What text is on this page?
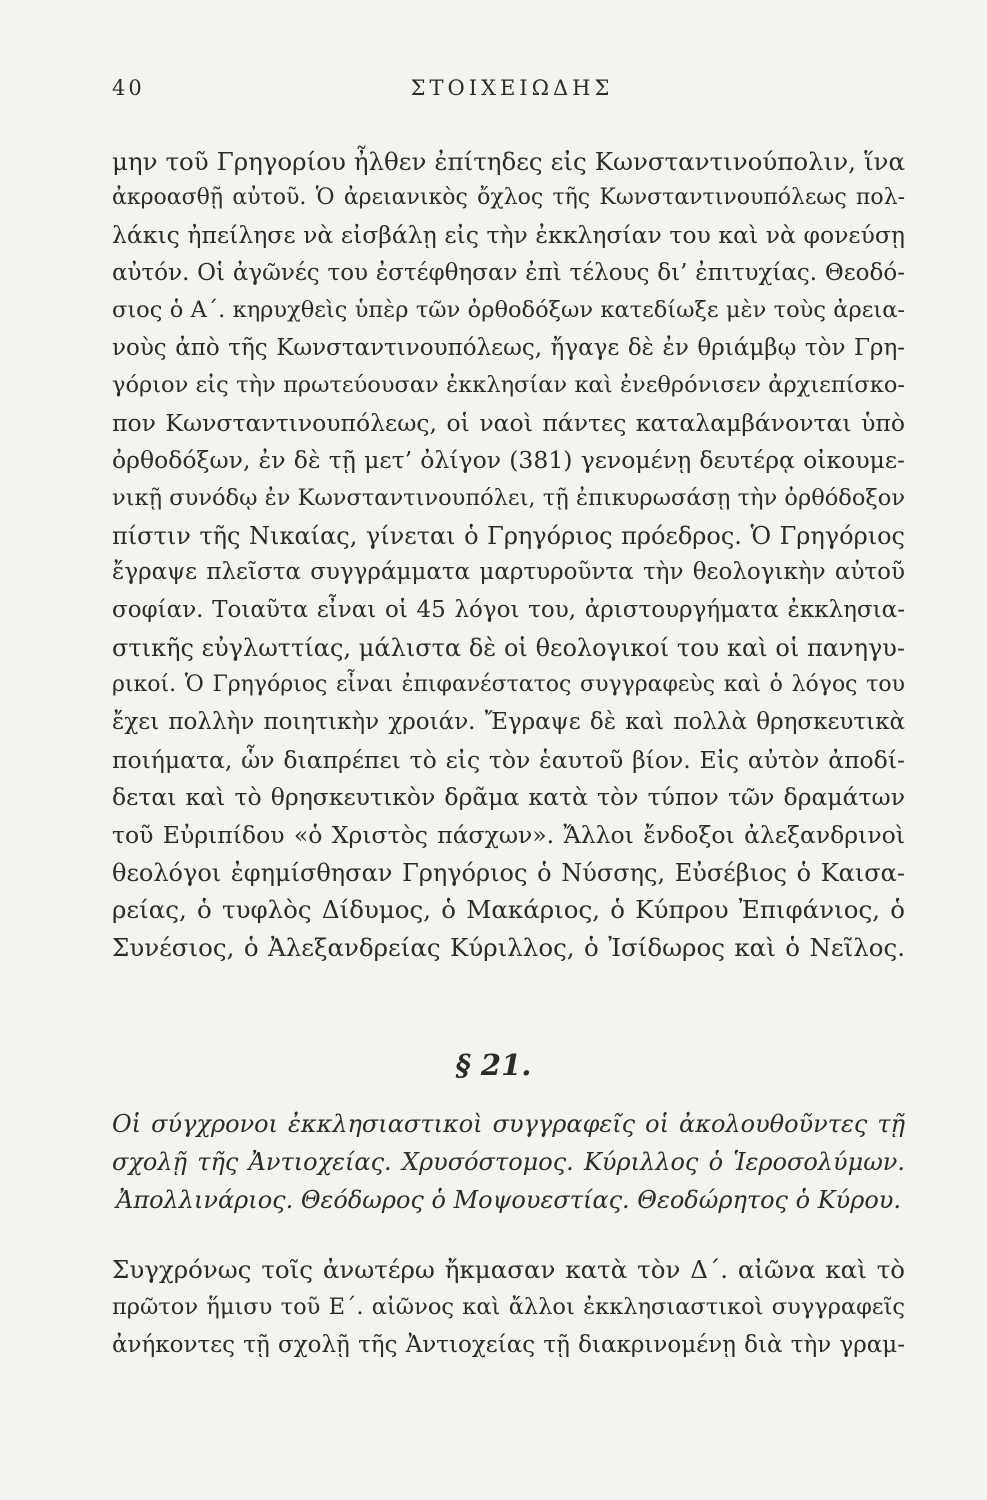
40	ΣΤΟΙΧΕΙΩΔΗΣ

μην τοῦ Γρηγορίου ἦλθεν ἐπίτηδες εἰς Κωνσταντινούπολιν, ἵνα

ἀκροασθῇ αὐτοῦ. Ὁ ἀρειανικὸς ὄχλος τῆς Κωνσταντινουπόλεως πολ-

λάκις ἠπείλησε νὰ εἰσβάλῃ εἰς τὴν ἐκκλησίαν του καὶ νὰ φονεύσῃ

αὐτόν. Οἱ ἀγῶνές του ἐστέφθησαν ἐπὶ τέλους δι’ ἐπιτυχίας. Θεοδό-

σιος ὁ Α΄. κηρυχθεὶς ὑπὲρ τῶν ὀρθοδόξων κατεδίωξε μὲν τοὺς ἀρεια-

νοὺς ἀπὸ τῆς Κωνσταντινουπόλεως, ἤγαγε δὲ ἐν θριάμβῳ τὸν Γρη-

γόριον εἰς τὴν πρωτεύουσαν ἐκκλησίαν καὶ ἐνεθρόνισεν ἀρχιεπίσκο-

πον Κωνσταντινουπόλεως, οἱ ναοὶ πάντες καταλαμβάνονται ὑπὸ

ὀρθοδόξων, ἐν δὲ τῇ μετ’ ὀλίγον (381) γενομένῃ δευτέρᾳ οἰκουμε-

νικῇ συνόδῳ ἐν Κωνσταντινουπόλει, τῇ ἐπικυρωσάσῃ τὴν ὀρθόδοξον

πίστιν τῆς Νικαίας, γίνεται ὁ Γρηγόριος πρόεδρος. Ὁ Γρηγόριος

ἔγραψε πλεῖστα συγγράμματα μαρτυροῦντα τὴν θεολογικὴν αὐτοῦ

σοφίαν. Τοιαῦτα εἶναι οἱ 45 λόγοι του, ἀριστουργήματα ἐκκλησια-

στικῆς εὐγλωττίας, μάλιστα δὲ οἱ θεολογικοί του καὶ οἱ πανηγυ-

ρικοί. Ὁ Γρηγόριος εἶναι ἐπιφανέστατος συγγραφεὺς καὶ ὁ λόγος του

ἔχει πολλὴν ποιητικὴν χροιάν. Ἔγραψε δὲ καὶ πολλὰ θρησκευτικὰ

ποιήματα, ὧν διαπρέπει τὸ εἰς τὸν ἑαυτοῦ βίον. Εἰς αὐτὸν ἀποδί-

δεται καὶ τὸ θρησκευτικὸν δρᾶμα κατὰ τὸν τύπον τῶν δραμάτων

τοῦ Εὐριπίδου «ὁ Χριστὸς πάσχων». Ἄλλοι ἔνδοξοι ἀλεξανδρινοὶ

θεολόγοι ἐφημίσθησαν Γρηγόριος ὁ Νύσσης, Εὐσέβιος ὁ Καισα-

ρείας, ὁ τυφλὸς Δίδυμος, ὁ Μακάριος, ὁ Κύπρου Ἐπιφάνιος, ὁ

Συνέσιος, ὁ Ἀλεξανδρείας Κύριλλος, ὁ Ἰσίδωρος καὶ ὁ Νεῖλος.

§ 21.

Οἱ σύγχρονοι ἐκκλησιαστικοὶ συγγραφεῖς οἱ ἀκολουθοῦντες τῇ

σχολῇ τῆς Ἀντιοχείας. Χρυσόστομος. Κύριλλος ὁ Ἱεροσολύμων.

Ἀπολλινάριος. Θεόδωρος ὁ Μοψουεστίας. Θεοδώρητος ὁ Κύρου.

Συγχρόνως τοῖς ἀνωτέρω ἤκμασαν κατὰ τὸν Δ΄. αἰῶνα καὶ τὸ

πρῶτον ἥμισυ τοῦ Ε΄. αἰῶνος καὶ ἄλλοι ἐκκλησιαστικοὶ συγγραφεῖς

ἀνήκοντες τῇ σχολῇ τῆς Ἀντιοχείας τῇ διακρινομένῃ διὰ τὴν γραμ-
